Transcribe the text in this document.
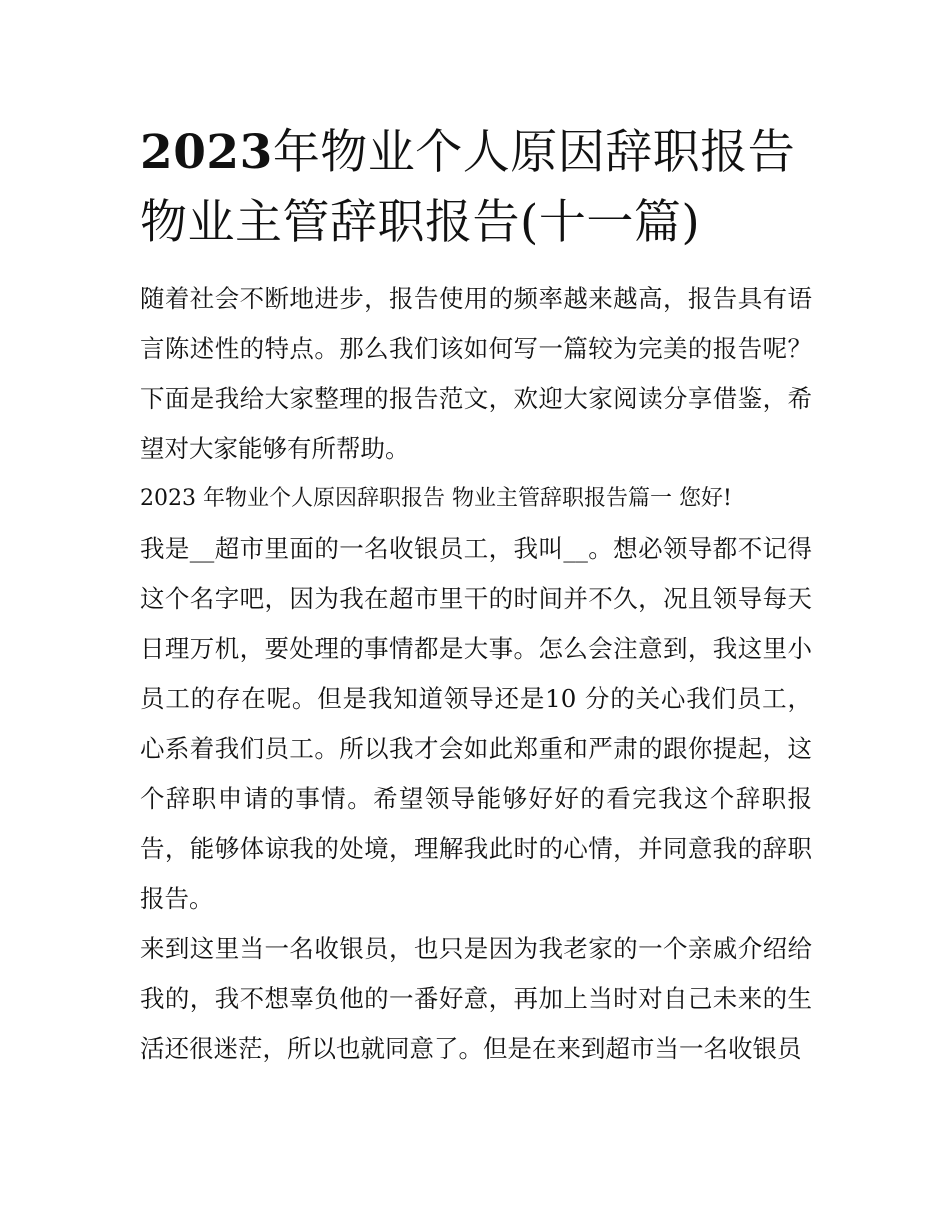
2023年物业个人原因辞职报告
物业主管辞职报告(十一篇)

随着社会不断地进步，报告使用的频率越来越高，报告具有语言陈述性的特点。那么我们该如何写一篇较为完美的报告呢？下面是我给大家整理的报告范文，欢迎大家阅读分享借鉴，希望对大家能够有所帮助。

2023 年物业个人原因辞职报告 物业主管辞职报告篇一 您好!

我是__超市里面的一名收银员工，我叫__。想必领导都不记得这个名字吧，因为我在超市里干的时间并不久，况且领导每天日理万机，要处理的事情都是大事。怎么会注意到，我这里小员工的存在呢。但是我知道领导还是10 分的关心我们员工，心系着我们员工。所以我才会如此郑重和严肃的跟你提起，这个辞职申请的事情。希望领导能够好好的看完我这个辞职报告，能够体谅我的处境，理解我此时的心情，并同意我的辞职报告。

来到这里当一名收银员，也只是因为我老家的一个亲戚介绍给我的，我不想辜负他的一番好意，再加上当时对自己未来的生活还很迷茫，所以也就同意了。但是在来到超市当一名收银员
